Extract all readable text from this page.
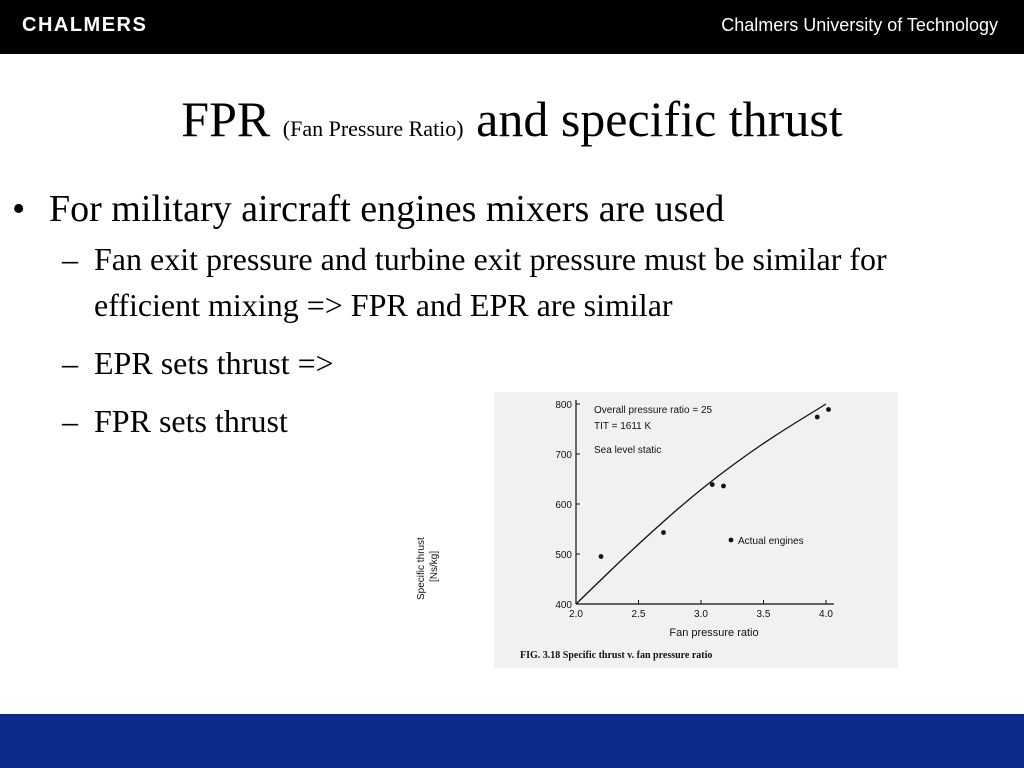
CHALMERS	Chalmers University of Technology
FPR (Fan Pressure Ratio) and specific thrust
• For military aircraft engines mixers are used
– Fan exit pressure and turbine exit pressure must be similar for efficient mixing => FPR and EPR are similar
– EPR sets thrust =>
– FPR sets thrust
2.0	2.5	3.0	3.5	4.0
400
500
600
700
800
Specific thrust [Ns/kg]
Fan pressure ratio
Overall pressure ratio = 25
TIT = 1611 K
Sea level static
Actual engines
FIG. 3.18 Specific thrust v. fan pressure ratio
